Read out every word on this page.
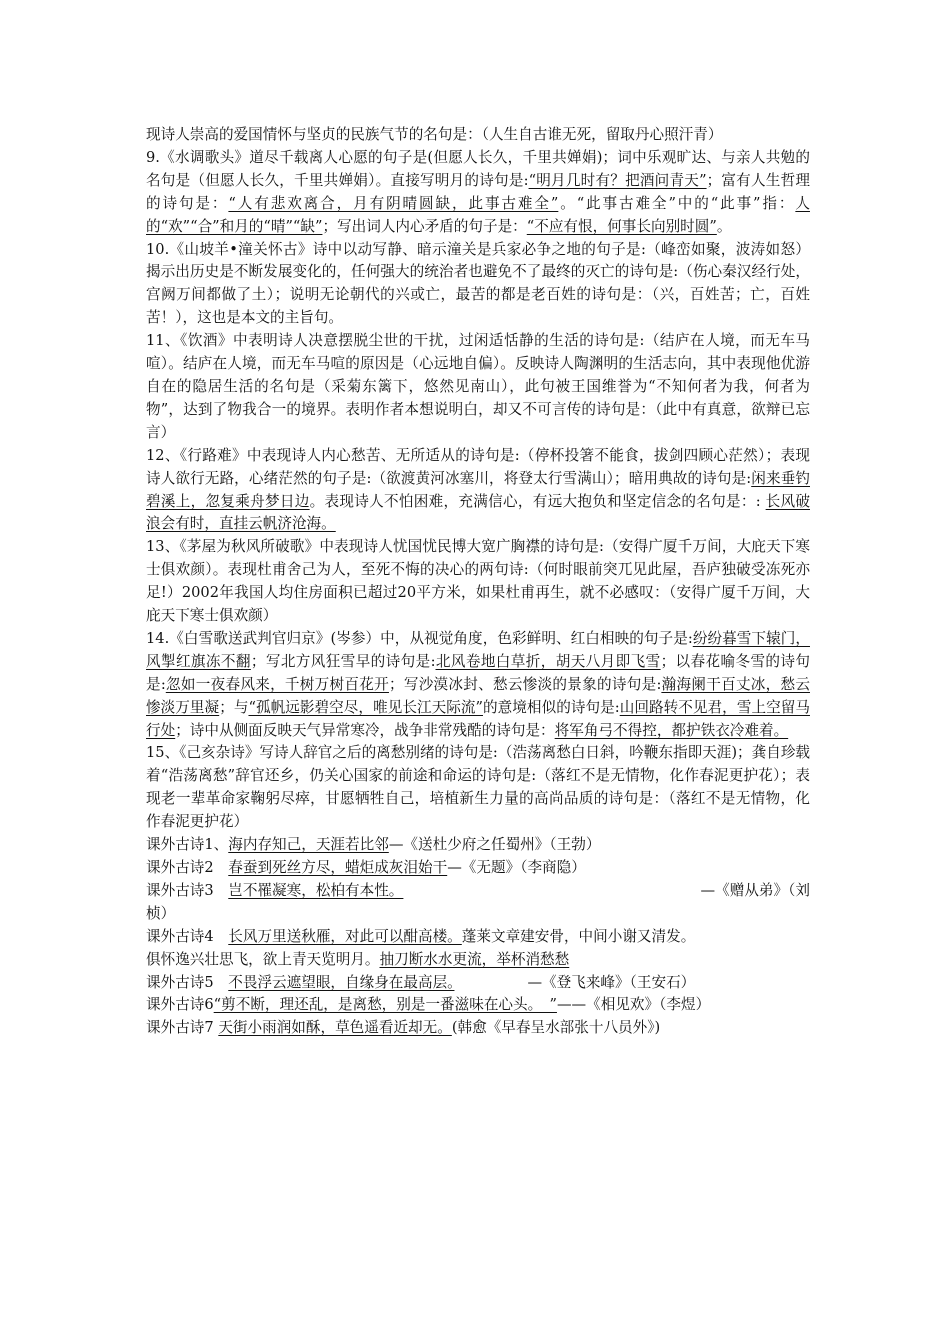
现诗人崇高的爱国情怀与坚贞的民族气节的名句是：（人生自古谁无死，留取丹心照汗青）

9.《水调歌头》道尽千载离人心愿的句子是(但愿人长久，千里共婵娟)；词中乐观旷达、与亲人共勉的名句是（但愿人长久，千里共婵娟）。直接写明月的诗句是:“明月几时有？把酒问青天”；富有人生哲理的诗句是：“人有悲欢离合，月有阴晴圆缺，此事古难全”。“此事古难全”中的“此事”指：人的“欢”“合”和月的“晴”“缺”；写出词人内心矛盾的句子是：“不应有恨，何事长向别时圆”。

10.《山坡羊•潼关怀古》诗中以动写静、暗示潼关是兵家必争之地的句子是:（峰峦如聚，波涛如怒）揭示出历史是不断发展变化的，任何强大的统治者也避免不了最终的灭亡的诗句是:（伤心秦汉经行处，宫阙万间都做了土）；说明无论朝代的兴或亡，最苦的都是老百姓的诗句是：（兴，百姓苦；亡，百姓苦！），这也是本文的主旨句。

11、《饮酒》中表明诗人决意摆脱尘世的干扰，过闲适恬静的生活的诗句是:（结庐在人境，而无车马喧）。结庐在人境，而无车马喧的原因是（心远地自偏）。反映诗人陶渊明的生活志向，其中表现他优游自在的隐居生活的名句是（采菊东篱下，悠然见南山），此句被王国维誉为“不知何者为我，何者为物”，达到了物我合一的境界。表明作者本想说明白，却又不可言传的诗句是：（此中有真意，欲辩已忘言）

12、《行路难》中表现诗人内心愁苦、无所适从的诗句是:（停杯投箸不能食，拔剑四顾心茫然）；表现诗人欲行无路，心绪茫然的句子是:（欲渡黄河冰塞川，将登太行雪满山）；暗用典故的诗句是:闲来垂钓碧溪上，忽复乘舟梦日边。表现诗人不怕困难，充满信心，有远大抱负和坚定信念的名句是：: 长风破浪会有时，直挂云帆济沧海。

13、《茅屋为秋风所破歌》中表现诗人忧国忧民博大宽广胸襟的诗句是:（安得广厦千万间，大庇天下寒士俱欢颜）。表现杜甫舍己为人，至死不悔的决心的两句诗:（何时眼前突兀见此屋，吾庐独破受冻死亦足!）2002年我国人均住房面积已超过20平方米，如果杜甫再生，就不必感叹：（安得广厦千万间，大庇天下寒士俱欢颜）

14.《白雪歌送武判官归京》(岑参）中，从视觉角度，色彩鲜明、红白相映的句子是:纷纷暮雪下辕门，风掣红旗冻不翻；写北方风狂雪早的诗句是:北风卷地白草折，胡天八月即飞雪；以春花喻冬雪的诗句是:忽如一夜春风来，千树万树百花开；写沙漠冰封、愁云惨淡的景象的诗句是:瀚海阑干百丈冰，愁云惨淡万里凝；与“孤帆远影碧空尽，唯见长江天际流”的意境相似的诗句是:山回路转不见君，雪上空留马行处；诗中从侧面反映天气异常寒冷，战争非常残酷的诗句是：将军角弓不得控，都护铁衣冷难着。

15、《己亥杂诗》写诗人辞官之后的离愁别绪的诗句是:（浩荡离愁白日斜，吟鞭东指即天涯)；龚自珍载着“浩荡离愁”辞官还乡，仍关心国家的前途和命运的诗句是:（落红不是无情物，化作春泥更护花）；表现老一辈革命家鞠躬尽瘁，甘愿牺牲自己，培植新生力量的高尚品质的诗句是：（落红不是无情物，化作春泥更护花）

课外古诗1、海内存知己，天涯若比邻—《送杜少府之任蜀州》（王勃）
课外古诗2　春蚕到死丝方尽，蜡炬成灰泪始干—《无题》（李商隐）
课外古诗3　岂不罹凝寒，松柏有本性。	—《赠从弟》（刘
桢）
课外古诗4　长风万里送秋雁，对此可以酣高楼。蓬莱文章建安骨，中间小谢又清发。
俱怀逸兴壮思飞，欲上青天览明月。抽刀断水水更流，举杯消愁愁
课外古诗5　不畏浮云遮望眼，自缘身在最高层。　　　　　—《登飞来峰》（王安石）
课外古诗6“剪不断，理还乱，是离愁，别是一番滋味在心头。　”——《相见欢》（李煜）
课外古诗7 天街小雨润如酥，草色遥看近却无。(韩愈《早春呈水部张十八员外》)
